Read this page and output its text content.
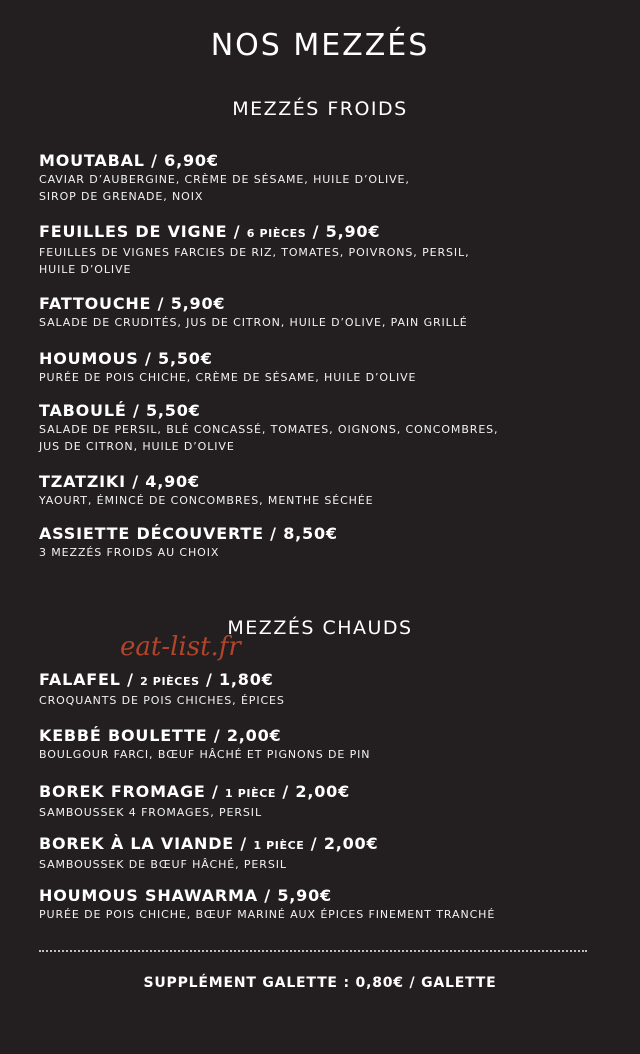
NOS MEZZÉS
MEZZÉS FROIDS
MOUTABAL / 6,90€
CAVIAR D’AUBERGINE, CRÈME DE SÉSAME, HUILE D’OLIVE,
SIROP DE GRENADE, NOIX
FEUILLES DE VIGNE / 6 PIÈCES / 5,90€
FEUILLES DE VIGNES FARCIES DE RIZ, TOMATES, POIVRONS, PERSIL,
HUILE D’OLIVE
FATTOUCHE / 5,90€
SALADE DE CRUDITÉS, JUS DE CITRON, HUILE D’OLIVE, PAIN GRILLÉ
HOUMOUS / 5,50€
PURÉE DE POIS CHICHE, CRÈME DE SÉSAME, HUILE D’OLIVE
TABOULÉ / 5,50€
SALADE DE PERSIL, BLÉ CONCASSÉ, TOMATES, OIGNONS, CONCOMBRES,
JUS DE CITRON, HUILE D’OLIVE
TZATZIKI / 4,90€
YAOURT, ÉMINCÉ DE CONCOMBRES, MENTHE SÉCHÉE
ASSIETTE DÉCOUVERTE / 8,50€
3 MEZZÉS FROIDS AU CHOIX
MEZZÉS CHAUDS
eat-list.fr
FALAFEL / 2 PIÈCES / 1,80€
CROQUANTS DE POIS CHICHES, ÉPICES
KEBBÉ BOULETTE / 2,00€
BOULGOUR FARCI, BŒUF HÂCHÉ ET PIGNONS DE PIN
BOREK FROMAGE / 1 PIÈCE / 2,00€
SAMBOUSSEK 4 FROMAGES, PERSIL
BOREK À LA VIANDE / 1 PIÈCE / 2,00€
SAMBOUSSEK DE BŒUF HÂCHÉ, PERSIL
HOUMOUS SHAWARMA / 5,90€
PURÉE DE POIS CHICHE, BŒUF MARINÉ AUX ÉPICES FINEMENT TRANCHÉ
SUPPLÉMENT GALETTE : 0,80€ / GALETTE
